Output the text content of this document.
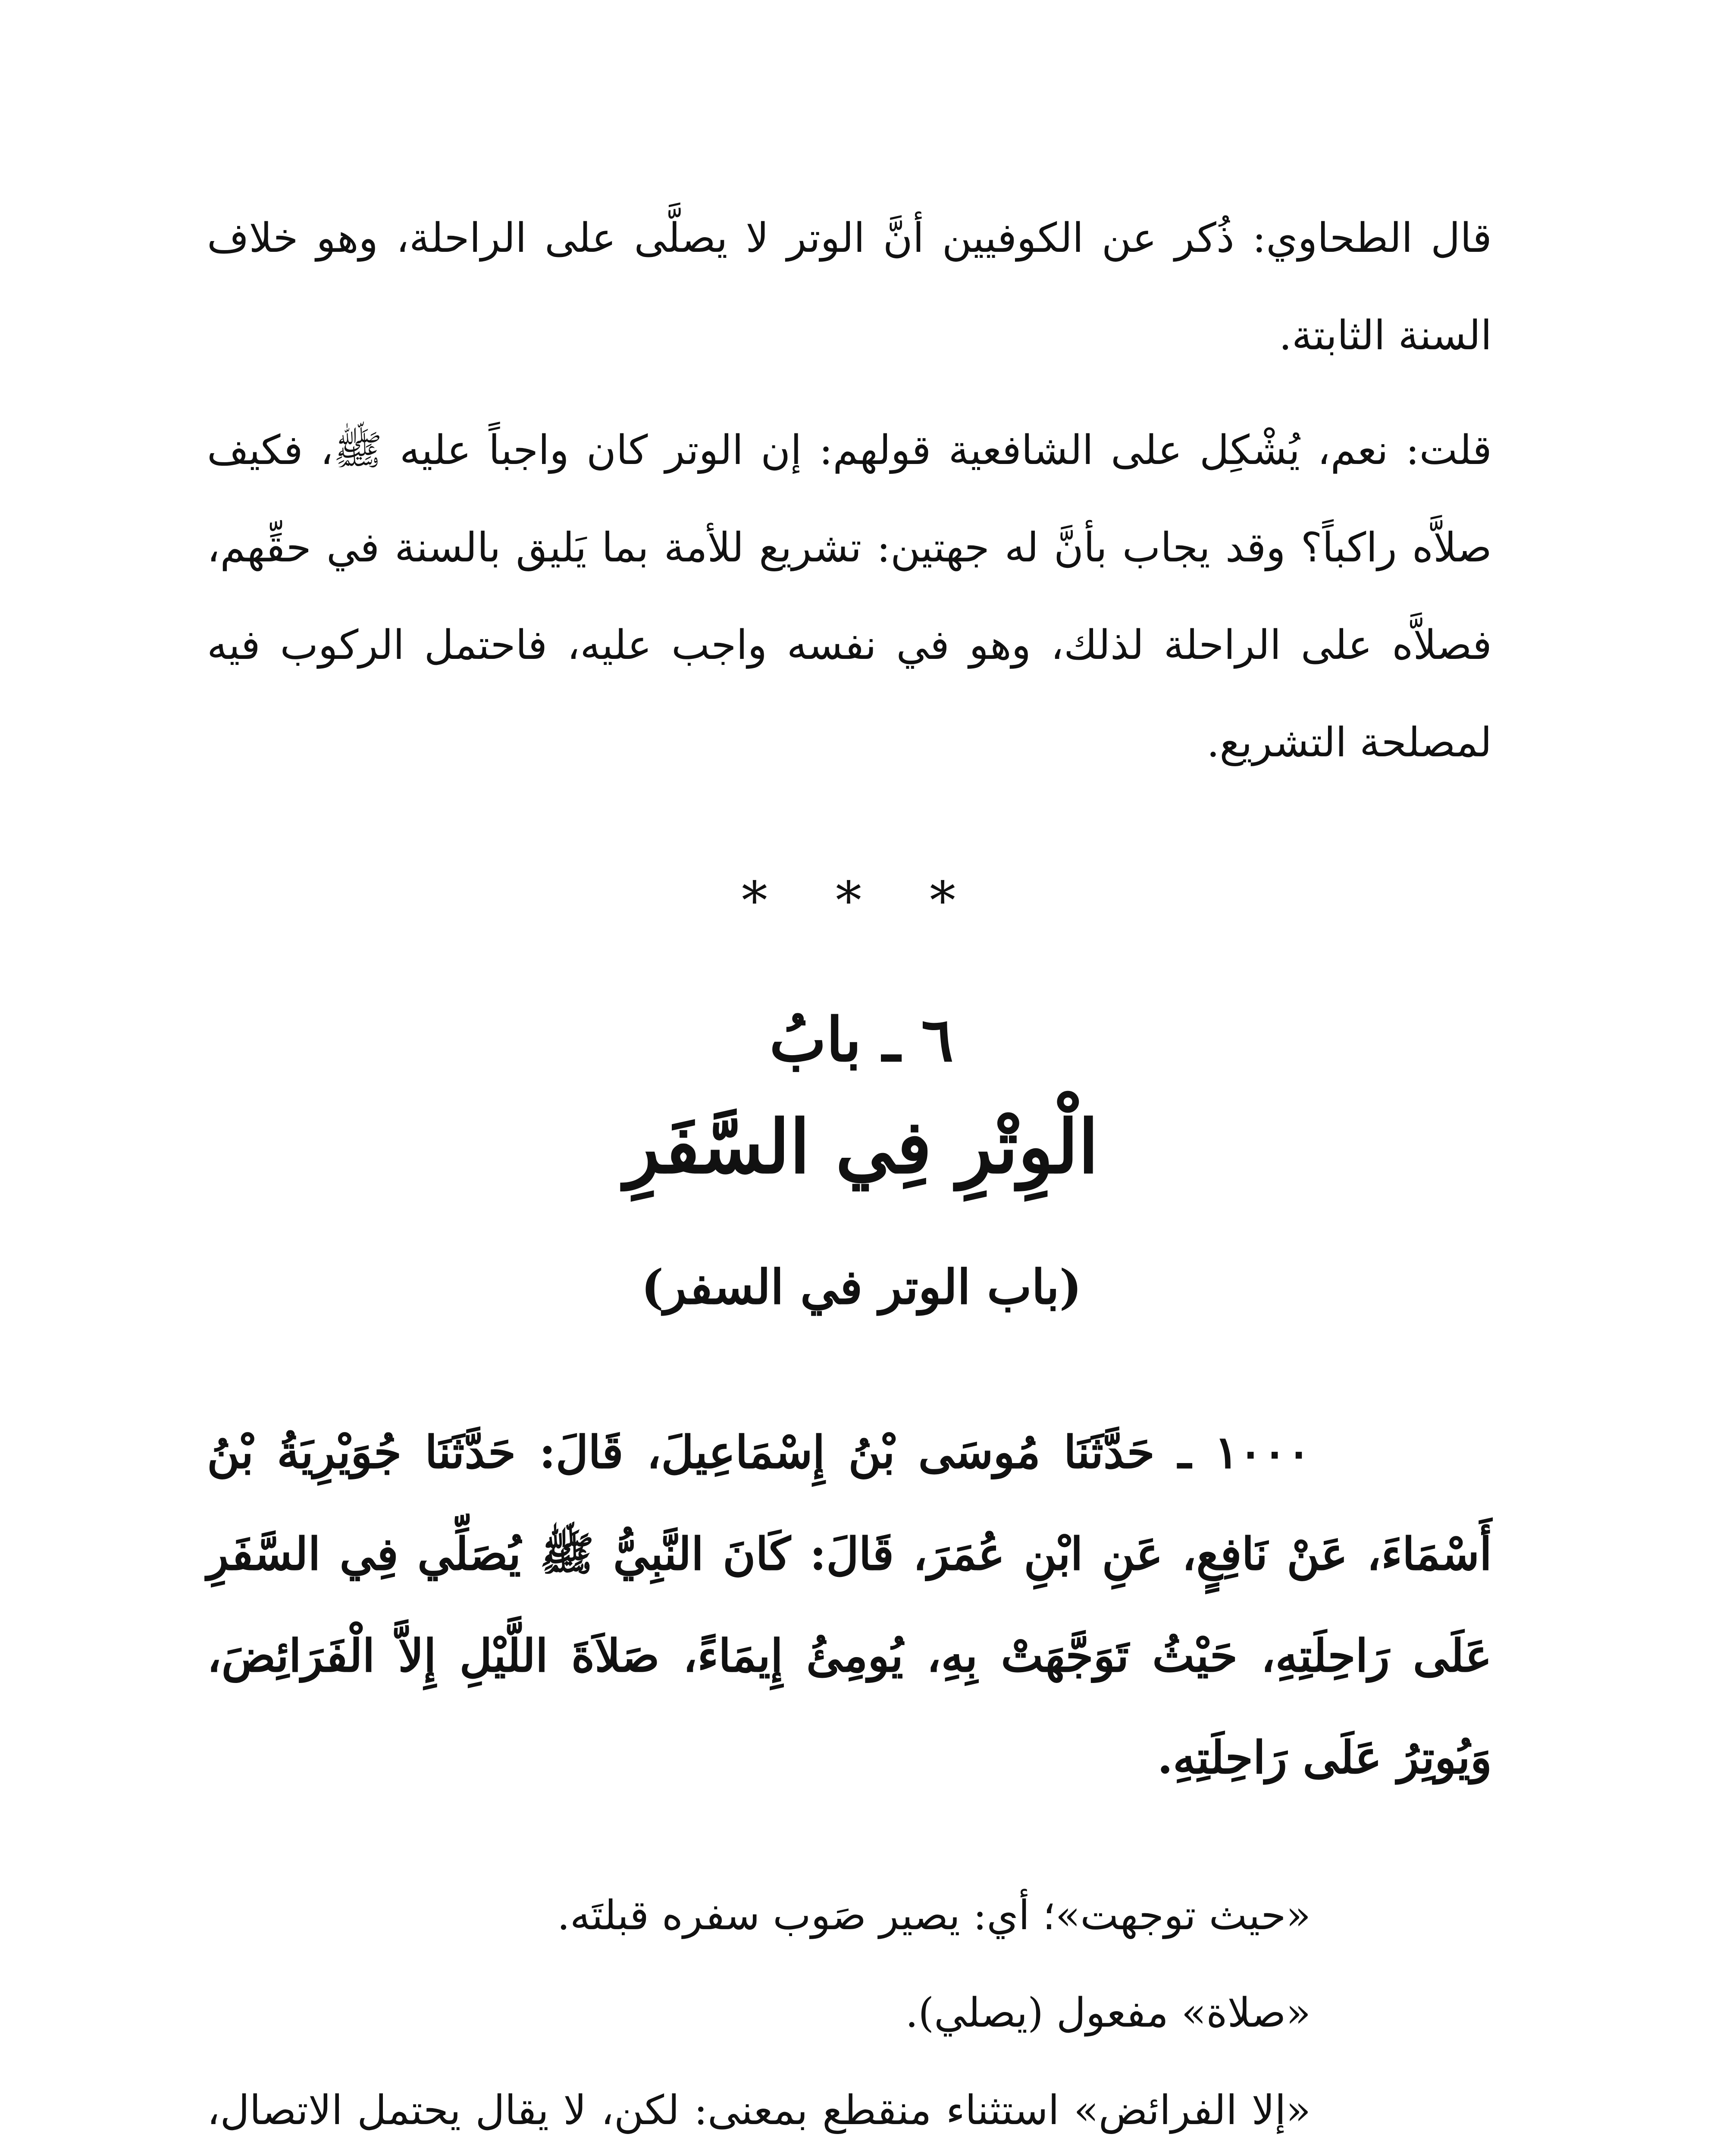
قال الطحاوي: ذُكر عن الكوفيين أنَّ الوتر لا يصلَّى على الراحلة، وهو خلاف السنة الثابتة.

قلت: نعم، يُشْكِل على الشافعية قولهم: إن الوتر كان واجباً عليه ﷺ، فكيف صلاَّه راكباً؟ وقد يجاب بأنَّ له جهتين: تشريع للأمة بما يَليق بالسنة في حقِّهم، فصلاَّه على الراحلة لذلك، وهو في نفسه واجب عليه، فاحتمل الركوب فيه لمصلحة التشريع.

* * *
٦ ـ بابُ
الْوِتْرِ فِي السَّفَرِ
(باب الوتر في السفر)
١٠٠٠ ـ حَدَّثَنَا مُوسَى بْنُ إِسْمَاعِيلَ، قَالَ: حَدَّثَنَا جُوَيْرِيَةُ بْنُ أَسْمَاءَ، عَنْ نَافِعٍ، عَنِ ابْنِ عُمَرَ، قَالَ: كَانَ النَّبِيُّ ﷺ يُصَلِّي فِي السَّفَرِ عَلَى رَاحِلَتِهِ، حَيْثُ تَوَجَّهَتْ بِهِ، يُومِئُ إِيمَاءً، صَلاَةَ اللَّيْلِ إِلاَّ الْفَرَائِضَ، وَيُوتِرُ عَلَى رَاحِلَتِهِ.

«حيث توجهت»؛ أي: يصير صَوب سفره قبلتَه.

«صلاة» مفعول (يصلي).

«إلا الفرائض» استثناء منقطع بمعنى: لكن، لا يقال يحتمل الاتصال،
